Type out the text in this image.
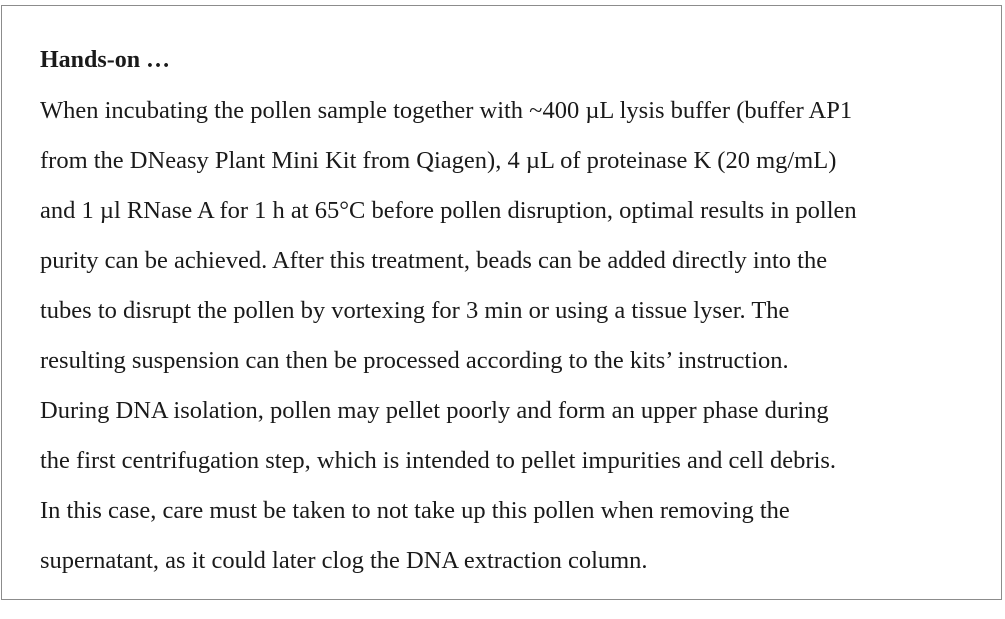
Hands-on …
When incubating the pollen sample together with ~400 µL lysis buffer (buffer AP1
from the DNeasy Plant Mini Kit from Qiagen), 4 µL of proteinase K (20 mg/mL)
and 1 µl RNase A for 1 h at 65°C before pollen disruption, optimal results in pollen
purity can be achieved. After this treatment, beads can be added directly into the
tubes to disrupt the pollen by vortexing for 3 min or using a tissue lyser. The
resulting suspension can then be processed according to the kits’ instruction.
During DNA isolation, pollen may pellet poorly and form an upper phase during
the first centrifugation step, which is intended to pellet impurities and cell debris.
In this case, care must be taken to not take up this pollen when removing the
supernatant, as it could later clog the DNA extraction column.
